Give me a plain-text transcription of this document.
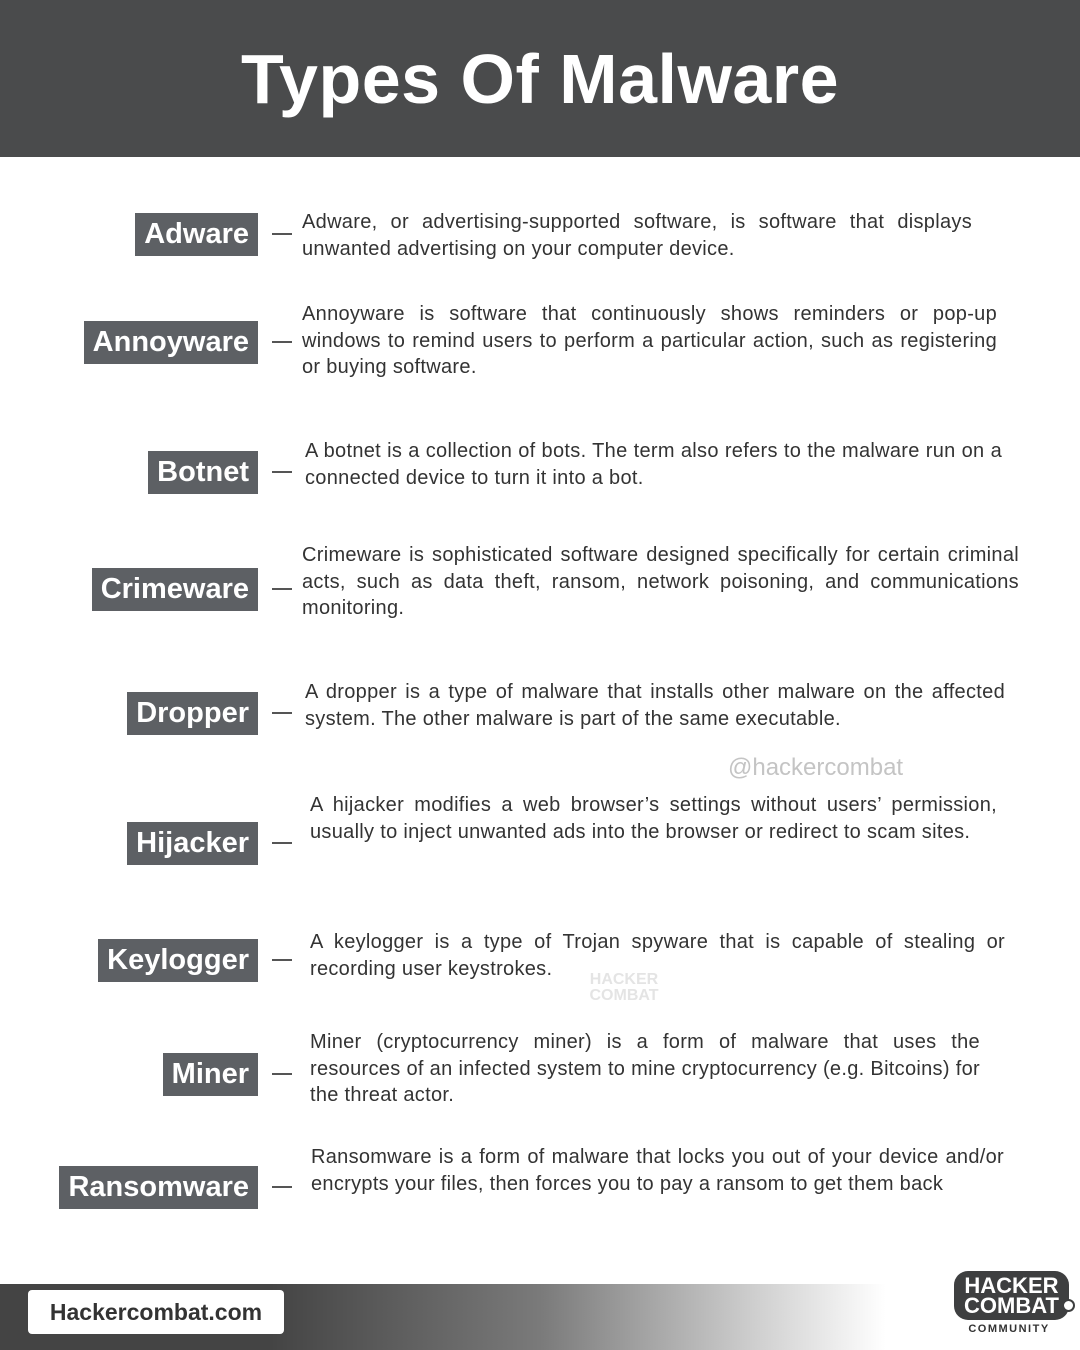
Types Of Malware
Adware	Adware, or advertising-supported software, is software that displays unwanted advertising on your computer device.
Annoyware
Annoyware is software that continuously shows reminders or pop-up windows to remind users to perform a particular action, such as registering or buying software.
Botnet
A botnet is a collection of bots. The term also refers to the malware run on a connected device to turn it into a bot.
Crimeware
Crimeware is sophisticated software designed specifically for certain criminal acts, such as data theft, ransom, network poisoning, and communications monitoring.
Dropper
A dropper is a type of malware that installs other malware on the affected system. The other malware is part of the same executable.
@hackercombat
Hijacker
A hijacker modifies a web browser’s settings without users’ permission, usually to inject unwanted ads into the browser or redirect to scam sites.
Keylogger
A keylogger is a type of Trojan spyware that is capable of stealing or recording user keystrokes.	HACKER
COMBAT
Miner
Miner (cryptocurrency miner) is a form of malware that uses the resources of an infected system to mine cryptocurrency (e.g. Bitcoins) for the threat actor.
Ransomware
Ransomware is a form of malware that locks you out of your device and/or encrypts your files, then forces you to pay a ransom to get them back
Hackercombat.com
HACKER
COMBAT
COMMUNITY
